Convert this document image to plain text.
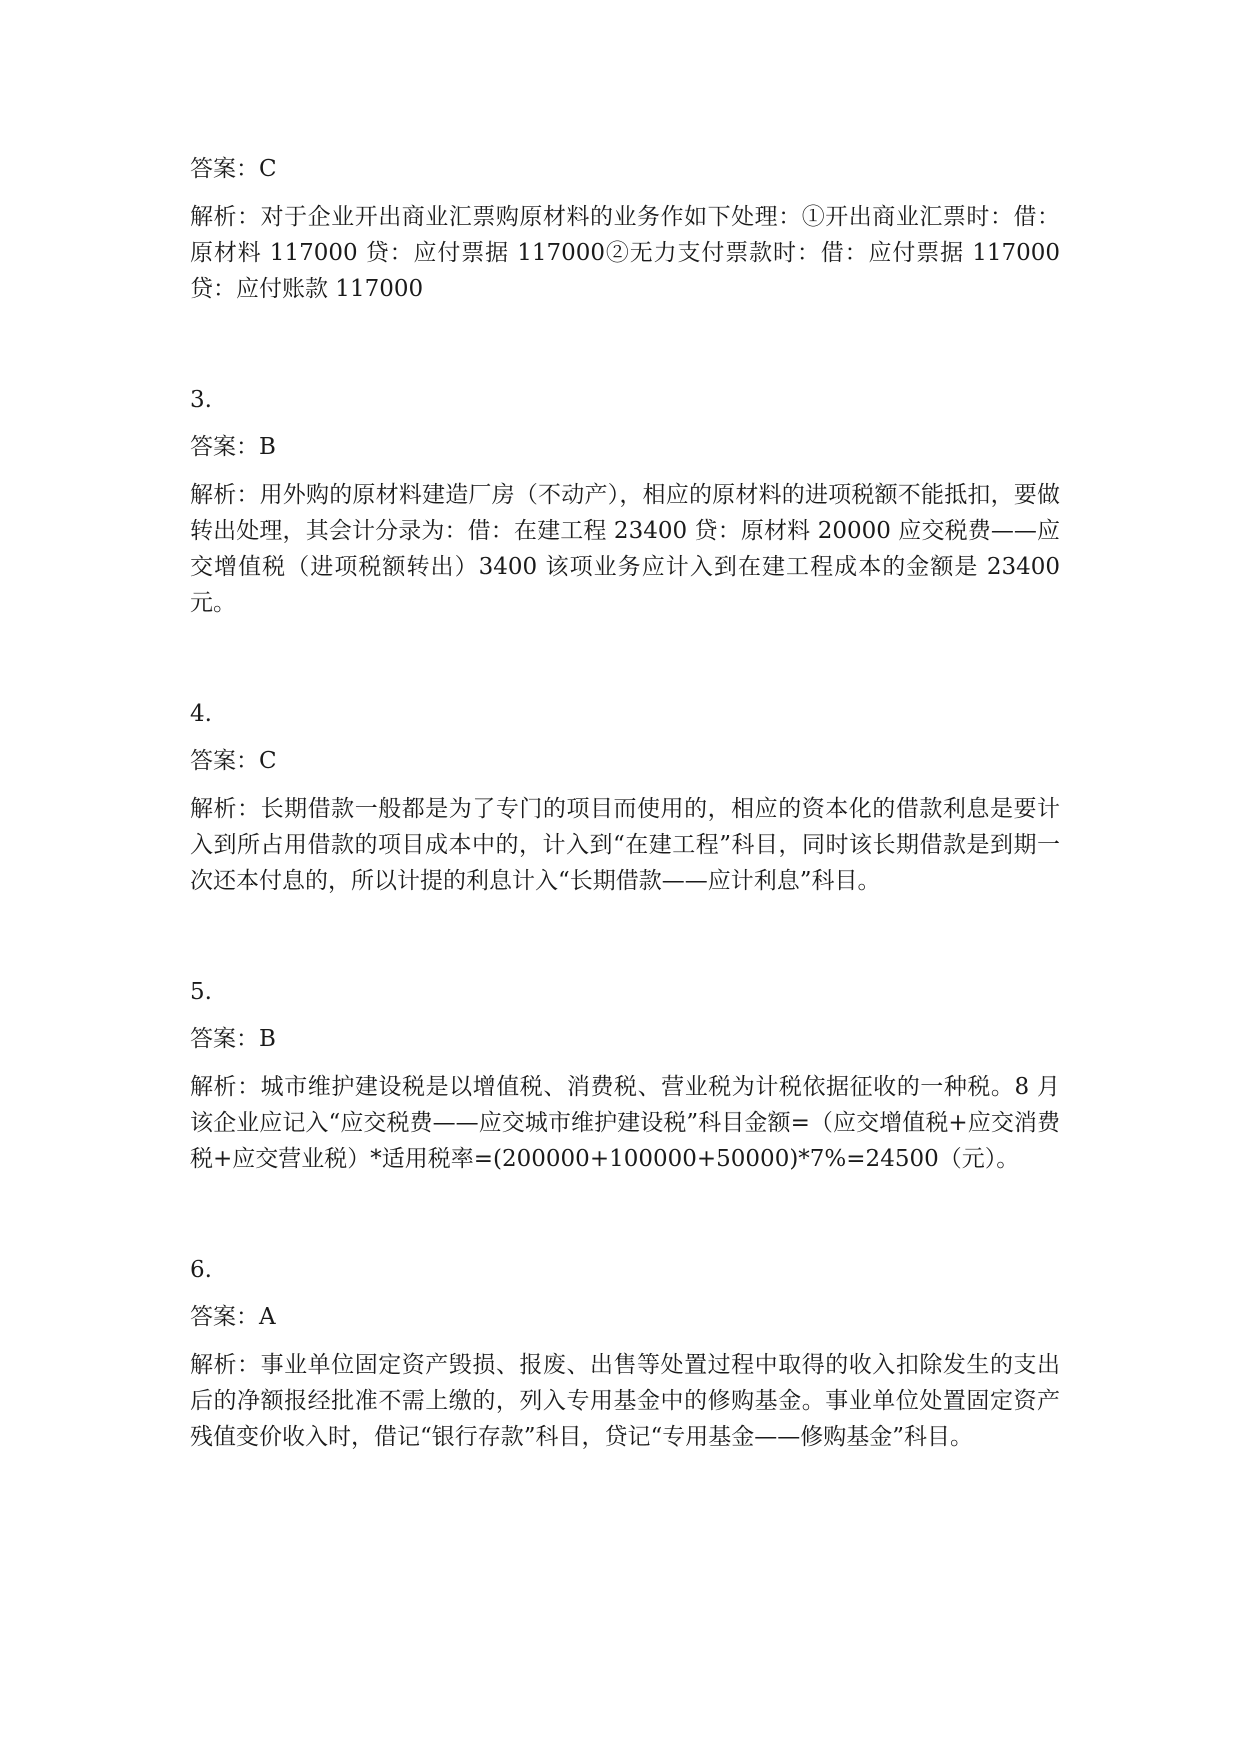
答案：C

解析：对于企业开出商业汇票购原材料的业务作如下处理：①开出商业汇票时：借：原材料 117000 贷：应付票据 117000②无力支付票款时：借：应付票据 117000 贷：应付账款 117000

3.

答案：B

解析：用外购的原材料建造厂房（不动产），相应的原材料的进项税额不能抵扣，要做转出处理，其会计分录为：借：在建工程 23400 贷：原材料 20000 应交税费——应交增值税（进项税额转出）3400 该项业务应计入到在建工程成本的金额是 23400 元。

4.

答案：C

解析：长期借款一般都是为了专门的项目而使用的，相应的资本化的借款利息是要计入到所占用借款的项目成本中的，计入到“在建工程”科目，同时该长期借款是到期一次还本付息的，所以计提的利息计入“长期借款——应计利息”科目。

5.

答案：B

解析：城市维护建设税是以增值税、消费税、营业税为计税依据征收的一种税。8 月该企业应记入“应交税费——应交城市维护建设税”科目金额=（应交增值税+应交消费税+应交营业税）*适用税率=(200000+100000+50000)*7%=24500（元）。

6.

答案：A

解析：事业单位固定资产毁损、报废、出售等处置过程中取得的收入扣除发生的支出后的净额报经批准不需上缴的，列入专用基金中的修购基金。事业单位处置固定资产残值变价收入时，借记“银行存款”科目，贷记“专用基金——修购基金”科目。
